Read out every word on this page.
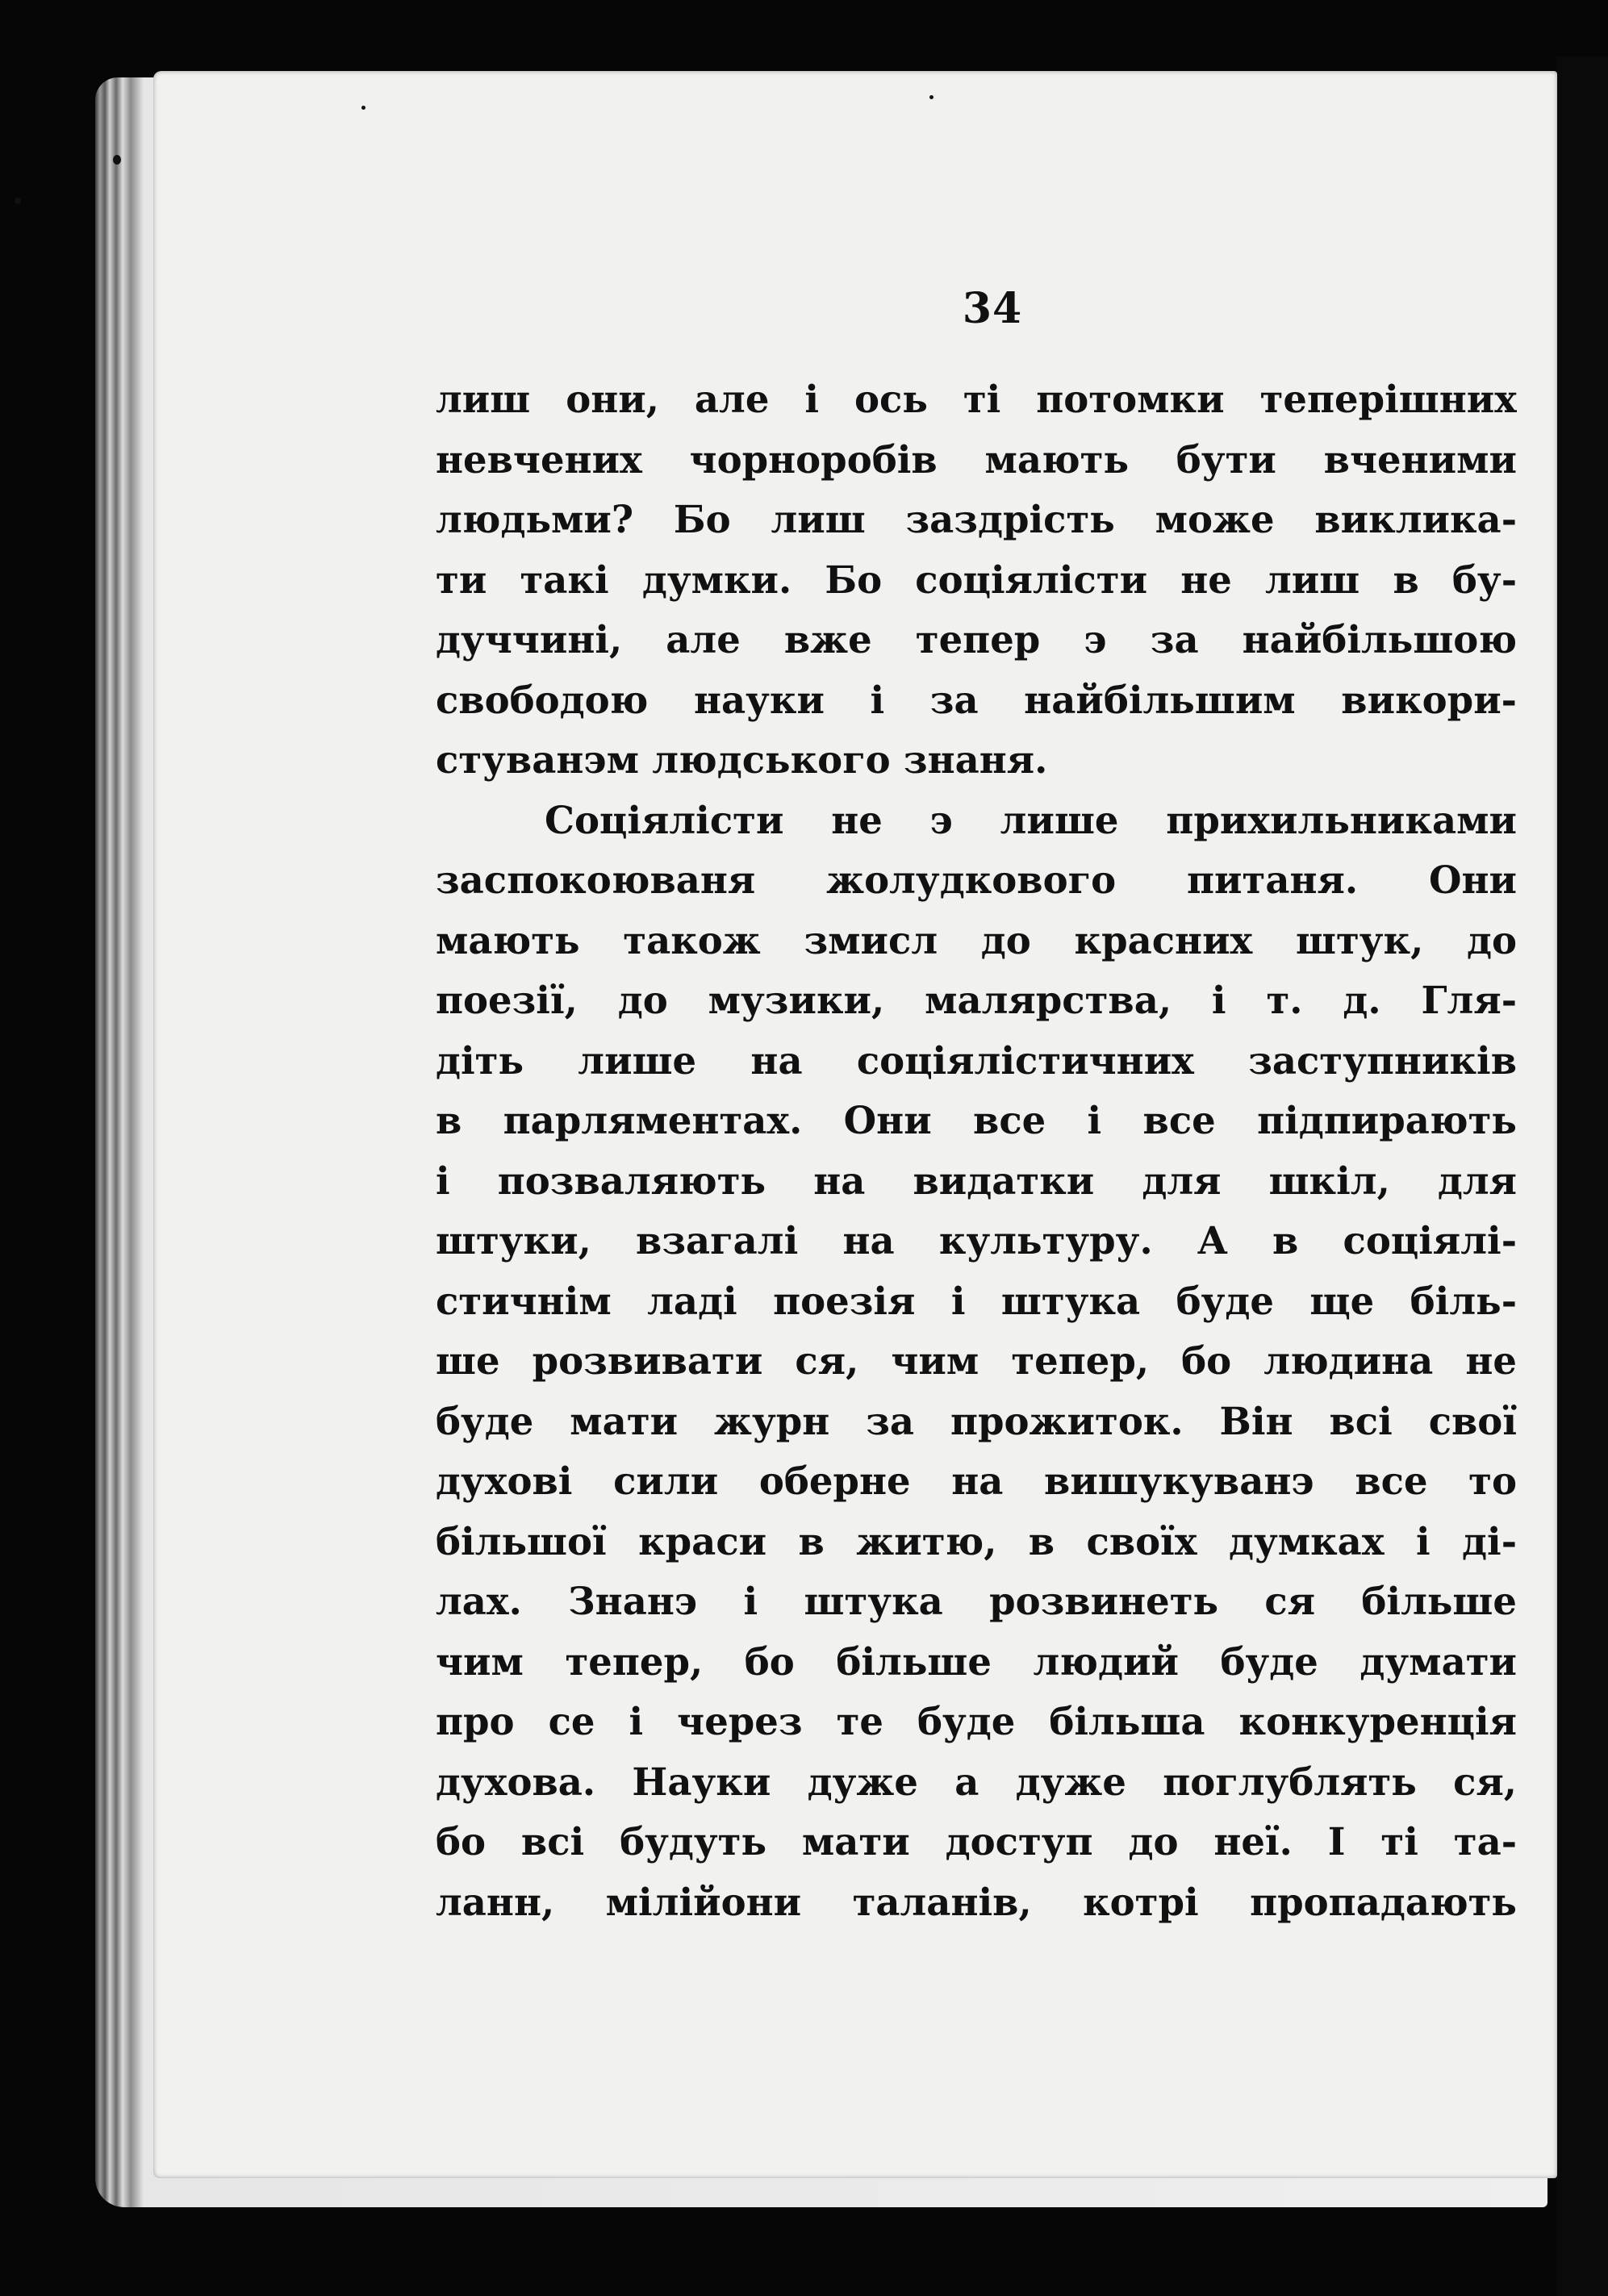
34
лиш они, але і ось ті потомки теперішних
невчених чорноробів мають бути вченими
людьми? Бо лиш заздрість може виклика-
ти такі думки. Бо соціялісти не лиш в бу-
дуччині, але вже тепер э за найбільшою
свободою науки і за найбільшим викори-
стуванэм людського знаня.
Соціялісти не э лише прихильниками
заспокоюваня жолудкового питаня. Они
мають також змисл до красних штук, до
поезії, до музики, малярства, і т. д. Гля-
діть лише на соціялістичних заступників
в парляментах. Они все і все підпирають
і позваляють на видатки для шкіл, для
штуки, взагалі на культуру. А в соціялі-
стичнім ладі поезія і штука буде ще біль-
ше розвивати ся, чим тепер, бо людина не
буде мати журн за прожиток. Він всі свої
духові сили оберне на вишукуванэ все то
більшої краси в житю, в своїх думках і ді-
лах. Знанэ і штука розвинеть ся більше
чим тепер, бо більше людий буде думати
про се і через те буде більша конкуренція
духова. Науки дуже а дуже поглублять ся,
бо всі будуть мати доступ до неї. І ті та-
ланн, мілійони таланів, котрі пропадають
